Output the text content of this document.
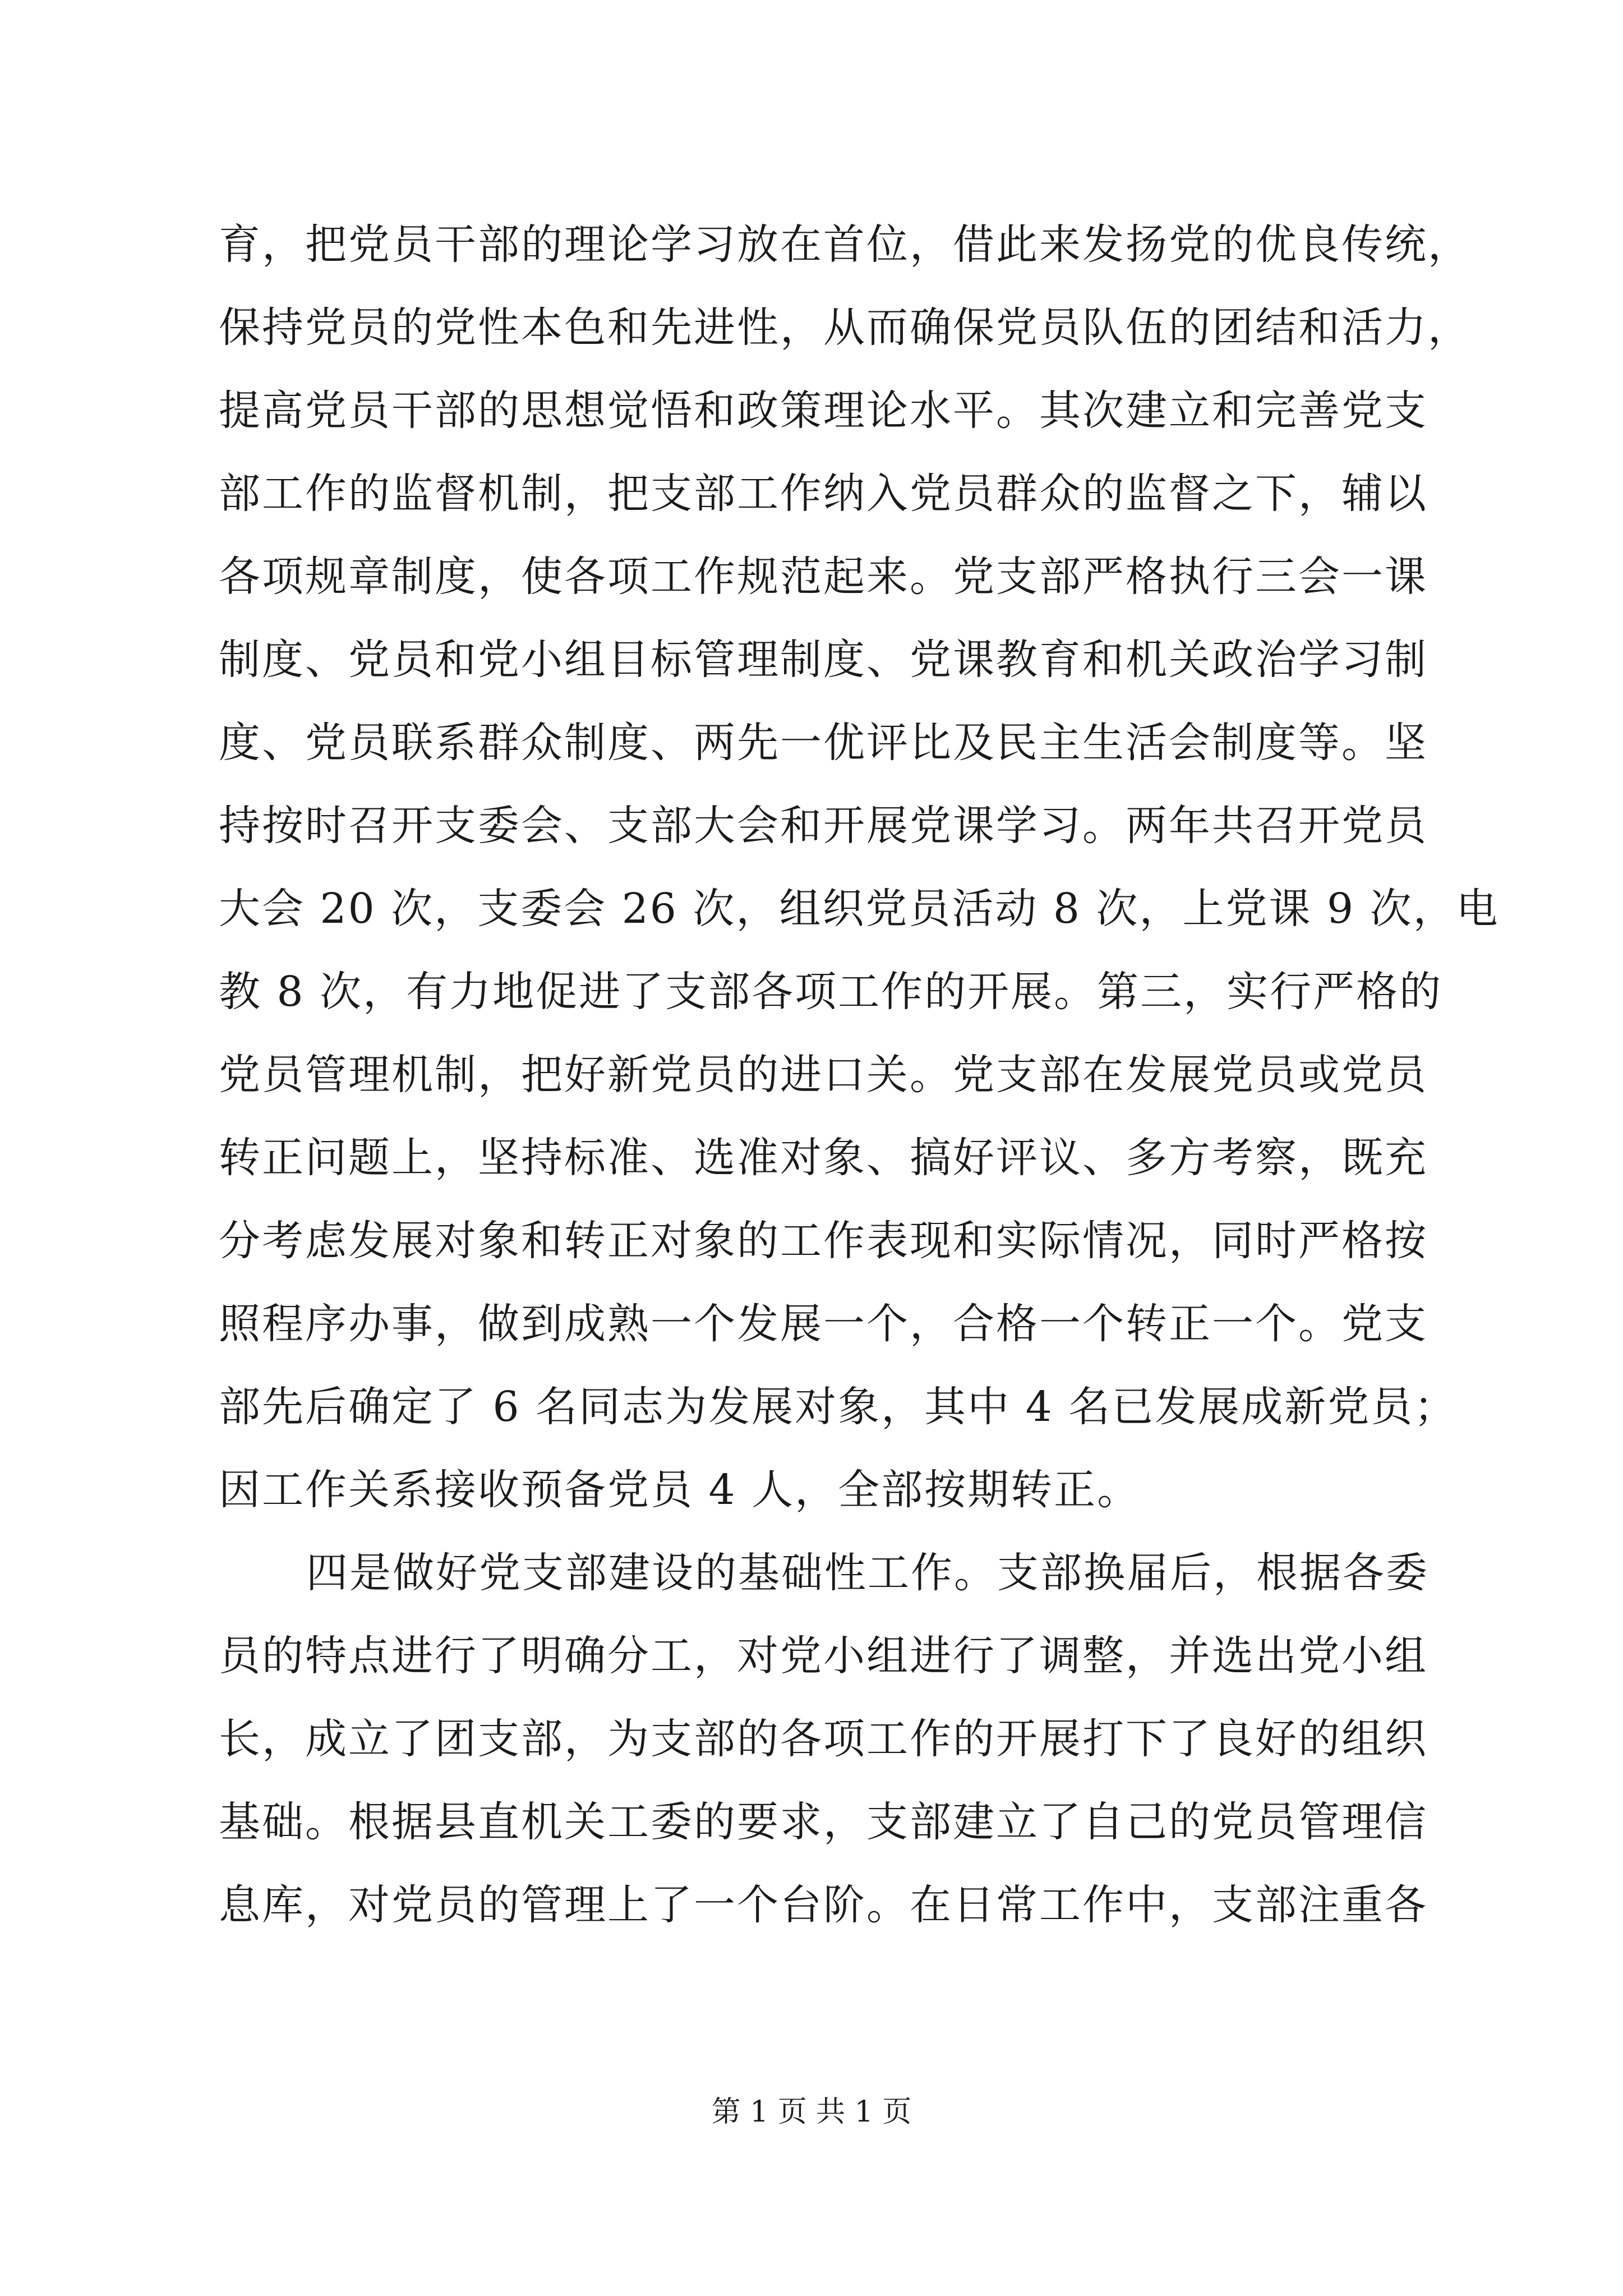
育，把党员干部的理论学习放在首位，借此来发扬党的优良传统，
保持党员的党性本色和先进性，从而确保党员队伍的团结和活力，
提高党员干部的思想觉悟和政策理论水平。其次建立和完善党支
部工作的监督机制，把支部工作纳入党员群众的监督之下，辅以
各项规章制度，使各项工作规范起来。党支部严格执行三会一课
制度、党员和党小组目标管理制度、党课教育和机关政治学习制
度、党员联系群众制度、两先一优评比及民主生活会制度等。坚
持按时召开支委会、支部大会和开展党课学习。两年共召开党员
大会 20 次，支委会 26 次，组织党员活动 8 次，上党课 9 次，电
教 8 次，有力地促进了支部各项工作的开展。第三，实行严格的
党员管理机制，把好新党员的进口关。党支部在发展党员或党员
转正问题上，坚持标准、选准对象、搞好评议、多方考察，既充
分考虑发展对象和转正对象的工作表现和实际情况，同时严格按
照程序办事，做到成熟一个发展一个，合格一个转正一个。党支
部先后确定了 6 名同志为发展对象，其中 4 名已发展成新党员；
因工作关系接收预备党员 4 人，全部按期转正。
四是做好党支部建设的基础性工作。支部换届后，根据各委
员的特点进行了明确分工，对党小组进行了调整，并选出党小组
长，成立了团支部，为支部的各项工作的开展打下了良好的组织
基础。根据县直机关工委的要求，支部建立了自己的党员管理信
息库，对党员的管理上了一个台阶。在日常工作中，支部注重各
第 1 页 共 1 页
